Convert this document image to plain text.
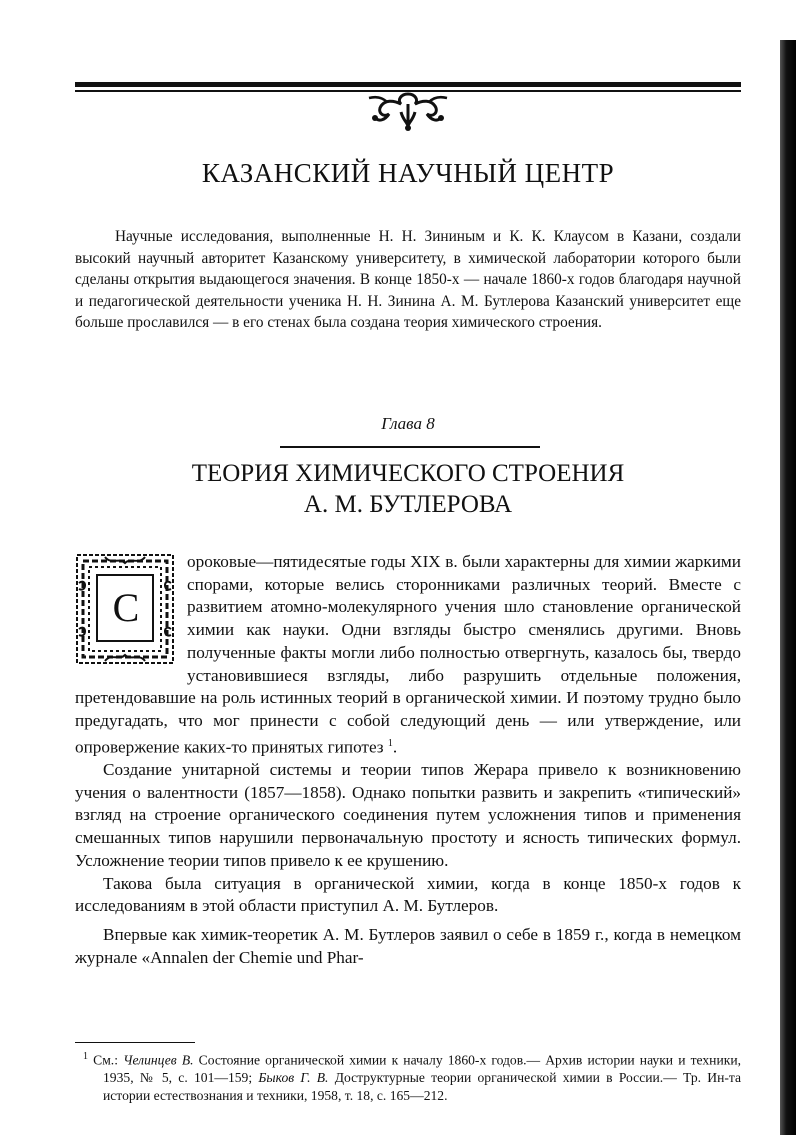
КАЗАНСКИЙ НАУЧНЫЙ ЦЕНТР
Научные исследования, выполненные Н. Н. Зининым и К. К. Клаусом в Казани, создали высокий научный авторитет Казанскому университету, в химической лаборатории которого были сделаны открытия выдающегося значения. В конце 1850-х — начале 1860-х годов благодаря научной и педагогической деятельности ученика Н. Н. Зинина А. М. Бутлерова Казанский университет еще больше прославился — в его стенах была создана теория химического строения.
Глава 8
ТЕОРИЯ ХИМИЧЕСКОГО СТРОЕНИЯ
А. М. БУТЛЕРОВА

С
ороковые—пятидесятые годы XIX в. были характерны для химии жаркими спорами, которые велись сторонниками различных теорий. Вместе с развитием атомно-молекулярного учения шло становление органической химии как науки. Одни взгляды быстро сменялись другими. Вновь полученные факты могли либо полностью отвергнуть, казалось бы, твердо установившиеся взгляды, либо разрушить отдельные положения, претендовавшие на роль истинных теорий в органической химии. И поэтому трудно было предугадать, что мог принести с собой следующий день — или утверждение, или опровержение каких-то принятых гипотез $^1$.

Создание унитарной системы и теории типов Жерара привело к возникновению учения о валентности (1857—1858). Однако попытки развить и закрепить «типический» взгляд на строение органического соединения путем усложнения типов и применения смешанных типов нарушили первоначальную простоту и ясность типических формул. Усложнение теории типов привело к ее крушению.

Такова была ситуация в органической химии, когда в конце 1850-х годов к исследованиям в этой области приступил А. М. Бутлеров.

Впервые как химик-теоретик А. М. Бутлеров заявил о себе в 1859 г., когда в немецком журнале «Annalen der Chemie und Phar-

$^1$ См.: Челинцев В. Состояние органической химии к началу 1860-х годов.— Архив истории науки и техники, 1935, № 5, с. 101—159; Быков Г. В. Доструктурные теории органической химии в России.— Тр. Ин-та истории естествознания и техники, 1958, т. 18, с. 165—212.
